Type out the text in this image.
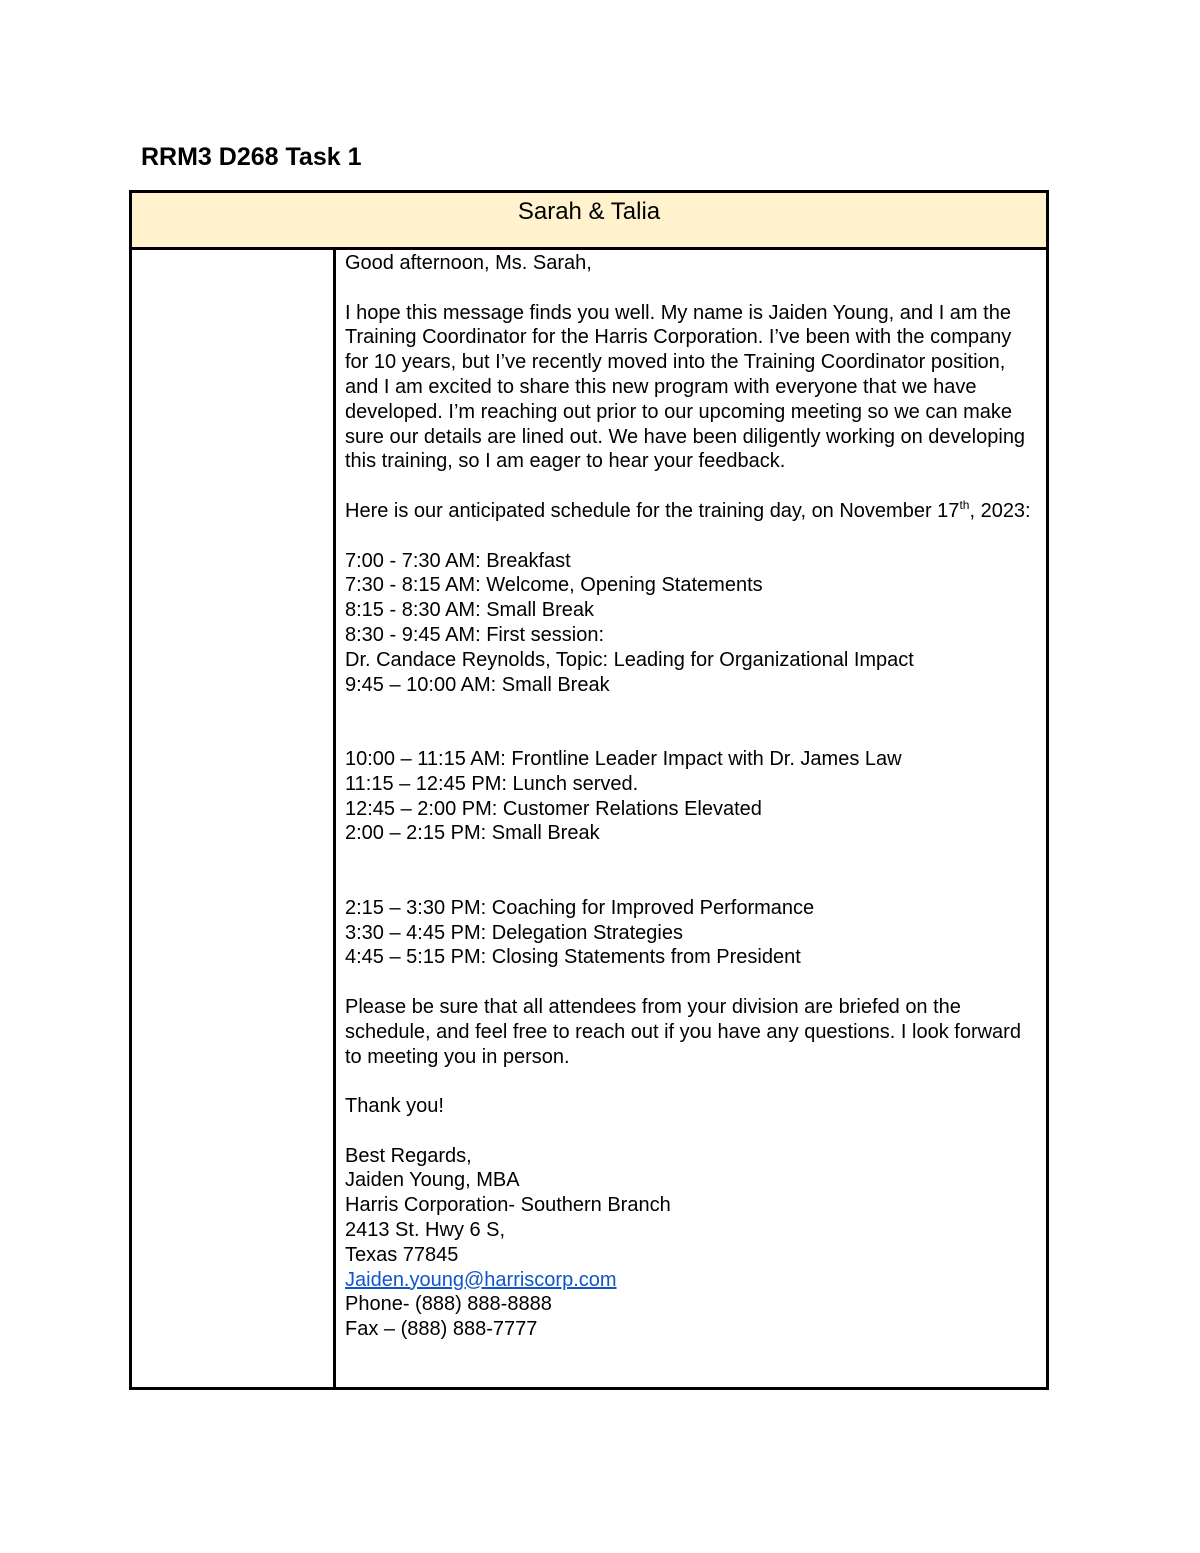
RRM3 D268 Task 1
Sarah & Talia

Good afternoon, Ms. Sarah,

I hope this message finds you well. My name is Jaiden Young, and I am the Training Coordinator for the Harris Corporation. I’ve been with the company for 10 years, but I’ve recently moved into the Training Coordinator position, and I am excited to share this new program with everyone that we have developed. I’m reaching out prior to our upcoming meeting so we can make sure our details are lined out. We have been diligently working on developing this training, so I am eager to hear your feedback.

Here is our anticipated schedule for the training day, on November 17th, 2023:

7:00 - 7:30 AM: Breakfast

7:30 - 8:15 AM: Welcome, Opening Statements

8:15 - 8:30 AM: Small Break

8:30 - 9:45 AM: First session:

Dr. Candace Reynolds, Topic: Leading for Organizational Impact

9:45 – 10:00 AM: Small Break

10:00 – 11:15 AM: Frontline Leader Impact with Dr. James Law

11:15 – 12:45 PM: Lunch served.

12:45 – 2:00 PM: Customer Relations Elevated

2:00 – 2:15 PM: Small Break

2:15 – 3:30 PM: Coaching for Improved Performance

3:30 – 4:45 PM: Delegation Strategies

4:45 – 5:15 PM: Closing Statements from President

Please be sure that all attendees from your division are briefed on the schedule, and feel free to reach out if you have any questions. I look forward to meeting you in person.

Thank you!

Best Regards,

Jaiden Young, MBA

Harris Corporation- Southern Branch

2413 St. Hwy 6 S,

Texas 77845

Jaiden.young@harriscorp.com

Phone- (888) 888-8888

Fax – (888) 888-7777
